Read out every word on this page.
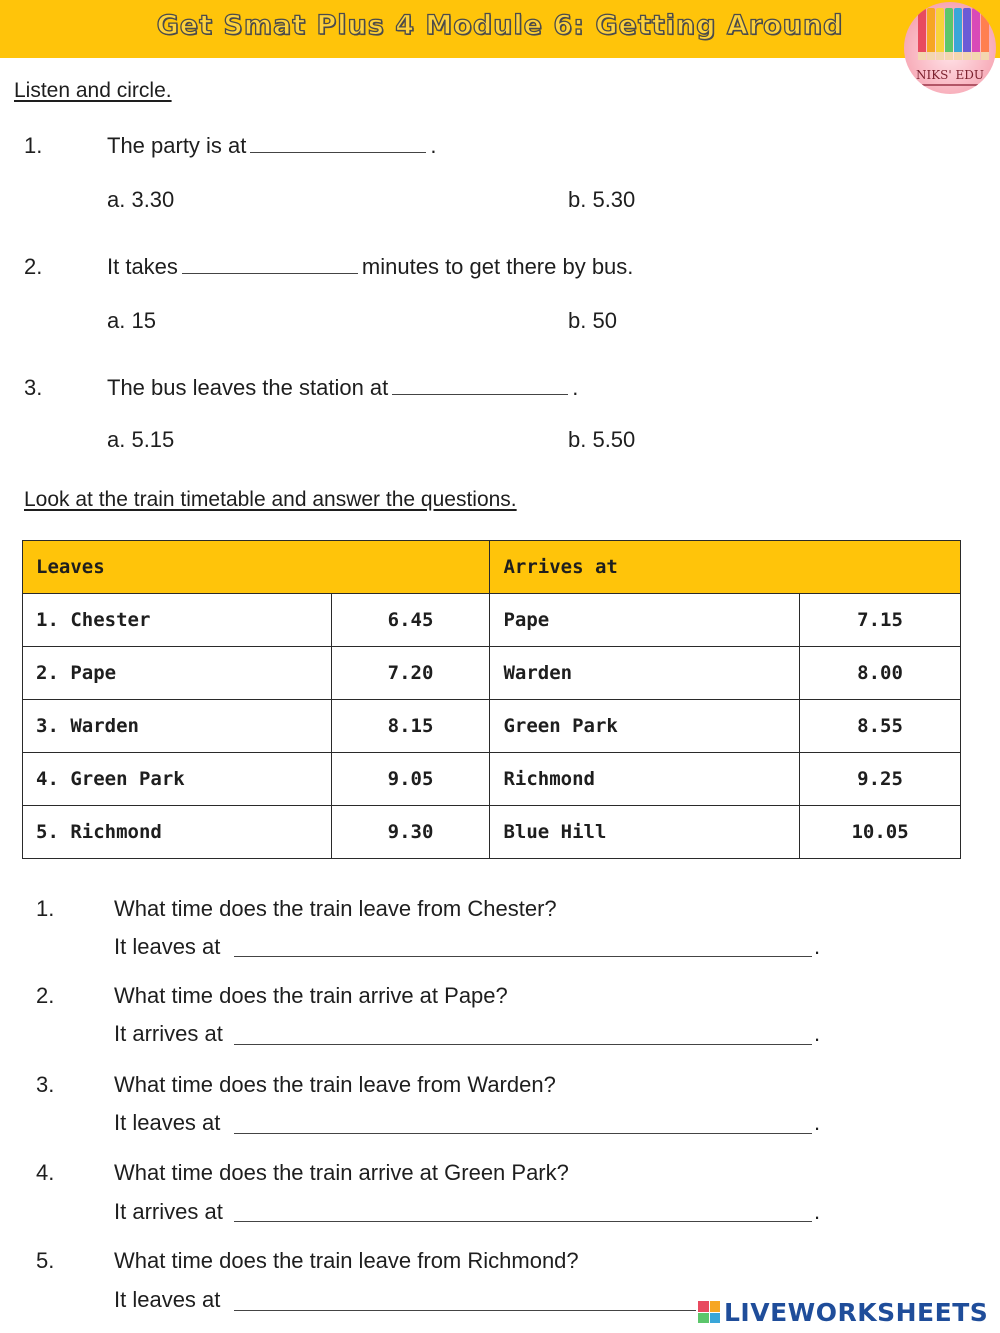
Get Smat Plus 4 Module 6: Getting Around
NIKS' EDU
Listen and circle.
1.	The party is at	.
a. 3.30	b. 5.30
2.	It takes	minutes to get there by bus.
a. 15	b. 50
3.	The bus leaves the station at	.
a. 5.15	b. 5.50
Look at the train timetable and answer the questions.
Leaves		Arrives at	
1. Chester	6.45	Pape	7.15
2. Pape	7.20	Warden	8.00
3. Warden	8.15	Green Park	8.55
4. Green Park	9.05	Richmond	9.25
5. Richmond	9.30	Blue Hill	10.05
1.	What time does the train leave from Chester?
It leaves at	.
2.	What time does the train arrive at Pape?
It arrives at	.
3.	What time does the train leave from Warden?
It leaves at	.
4.	What time does the train arrive at Green Park?
It arrives at	.
5.	What time does the train leave from Richmond?
It leaves at	LIVEWORKSHEETS
